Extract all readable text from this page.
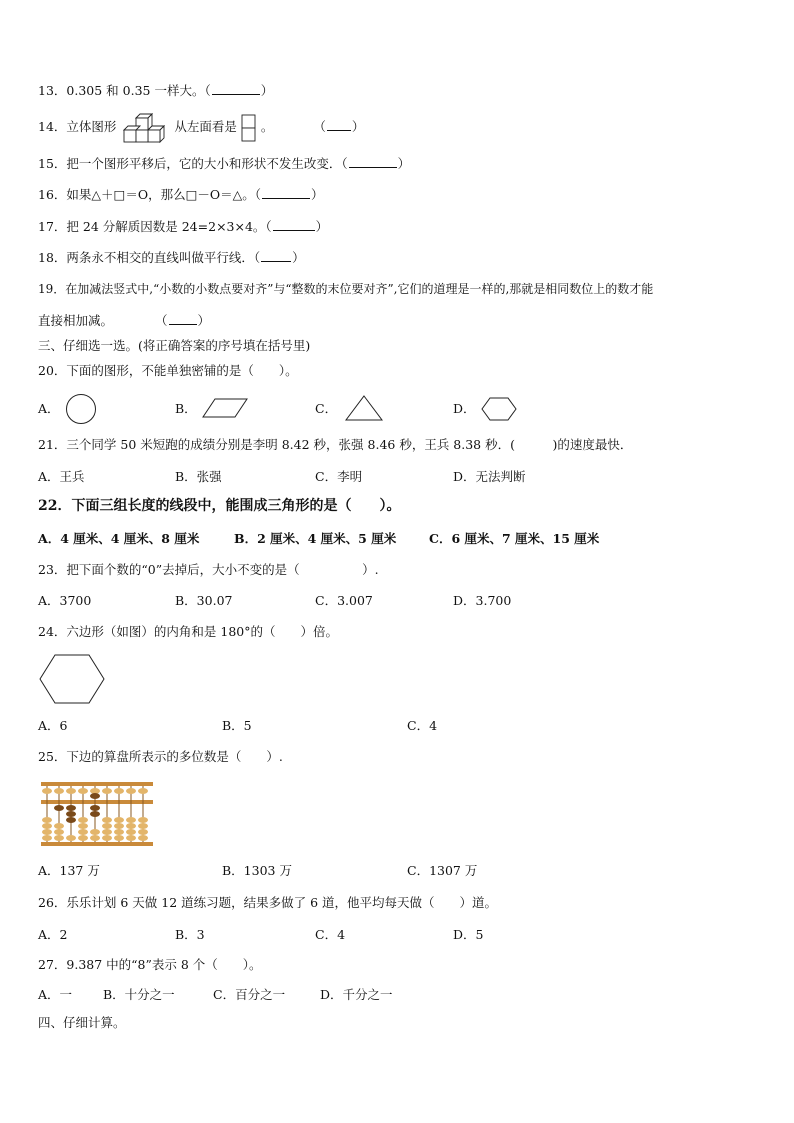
13．0.305 和 0.35 一样大。（	）
14．立体图形	从左面看是 。	（ ）
15．把一个图形平移后，它的大小和形状不发生改变．（	）
16．如果△＋□＝O，那么□－O＝△。（	）
17．把 24 分解质因数是 24=2×3×4。（	）
18．两条永不相交的直线叫做平行线．（	）
19．在加减法竖式中,“小数的小数点要对齐”与“整数的末位要对齐”,它们的道理是一样的,那就是相同数位上的数才能
直接相加减。	（ ）
三、仔细选一选。(将正确答案的序号填在括号里)
20．下面的图形，不能单独密铺的是（　　）。
A．	B．	C．	D．
21．三个同学 50 米短跑的成绩分别是李明 8.42 秒，张强 8.46 秒，王兵 8.38 秒．(　　　)的速度最快．
A．王兵	B．张强	C．李明	D．无法判断
22．下面三组长度的线段中，能围成三角形的是（　　）。
A．4 厘米、4 厘米、8 厘米	B．2 厘米、4 厘米、5 厘米	C．6 厘米、7 厘米、15 厘米
23．把下面个数的“0”去掉后，大小不变的是（　　　　　）.
A．3700	B．30.07	C．3.007	D．3.700
24．六边形（如图）的内角和是 180°的（　　）倍。
A．6	B．5	C．4
25．下边的算盘所表示的多位数是（　　）.
A．137 万	B．1303 万	C．1307 万
26．乐乐计划 6 天做 12 道练习题，结果多做了 6 道，他平均每天做（　　）道。
A．2	B．3	C．4	D．5
27．9.387 中的“8”表示 8 个（　　）。
A．一 B．十分之一	C．百分之一	D．千分之一
四、仔细计算。
